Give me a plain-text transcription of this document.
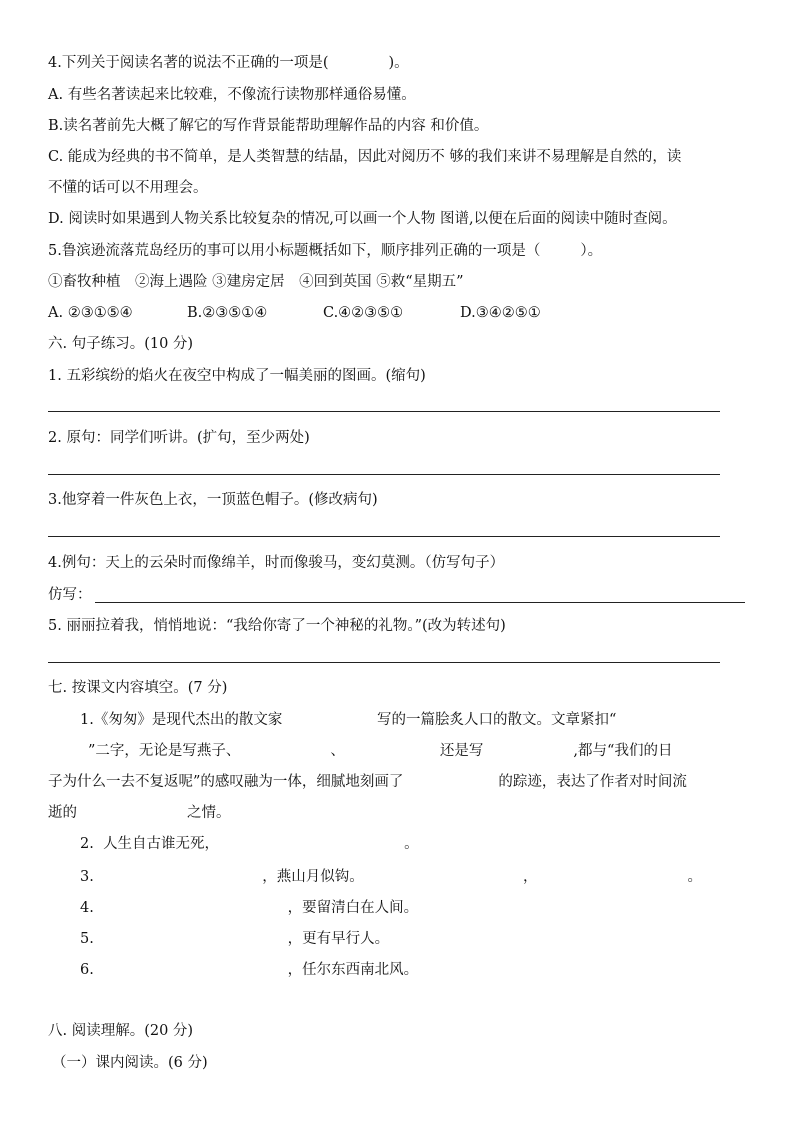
4.下列关于阅读名著的说法不正确的一项是(	)。
A. 有些名著读起来比较难，不像流行读物那样通俗易懂。
B.读名著前先大概了解它的写作背景能帮助理解作品的内容 和价值。
C. 能成为经典的书不简单，是人类智慧的结晶，因此对阅历不 够的我们来讲不易理解是自然的，读
不懂的话可以不用理会。
D. 阅读时如果遇到人物关系比较复杂的情况,可以画一个人物 图谱,以便在后面的阅读中随时查阅。
5.鲁滨逊流落荒岛经历的事可以用小标题概括如下，顺序排列正确的一项是（	）。
①畜牧种植　②海上遇险 ③建房定居　④回到英国 ⑤救“星期五”
A. ②③①⑤④	B.②③⑤①④	C.④②③⑤①	D.③④②⑤①
六. 句子练习。(10 分)
1. 五彩缤纷的焰火在夜空中构成了一幅美丽的图画。(缩句)
2. 原句：同学们听讲。(扩句，至少两处)
3.他穿着一件灰色上衣，一顶蓝色帽子。(修改病句)
4.例句：天上的云朵时而像绵羊，时而像骏马，变幻莫测。（仿写句子）
仿写：
5. 丽丽拉着我，悄悄地说：“我给你寄了一个神秘的礼物。”(改为转述句)
七. 按课文内容填空。(7 分)
1.《匆匆》是现代杰出的散文家	写的一篇脍炙人口的散文。文章紧扣“
”二字，无论是写燕子、	、	还是写	,都与“我们的日
子为什么一去不复返呢”的感叹融为一体，细腻地刻画了	的踪迹，表达了作者对时间流
逝的	之情。
2. 人生自古谁无死，	。
3.	，燕山月似钩。	，	。
4.	，要留清白在人间。
5.	，更有早行人。
6.	，任尔东西南北风。
八. 阅读理解。(20 分)
（一）课内阅读。(6 分)
